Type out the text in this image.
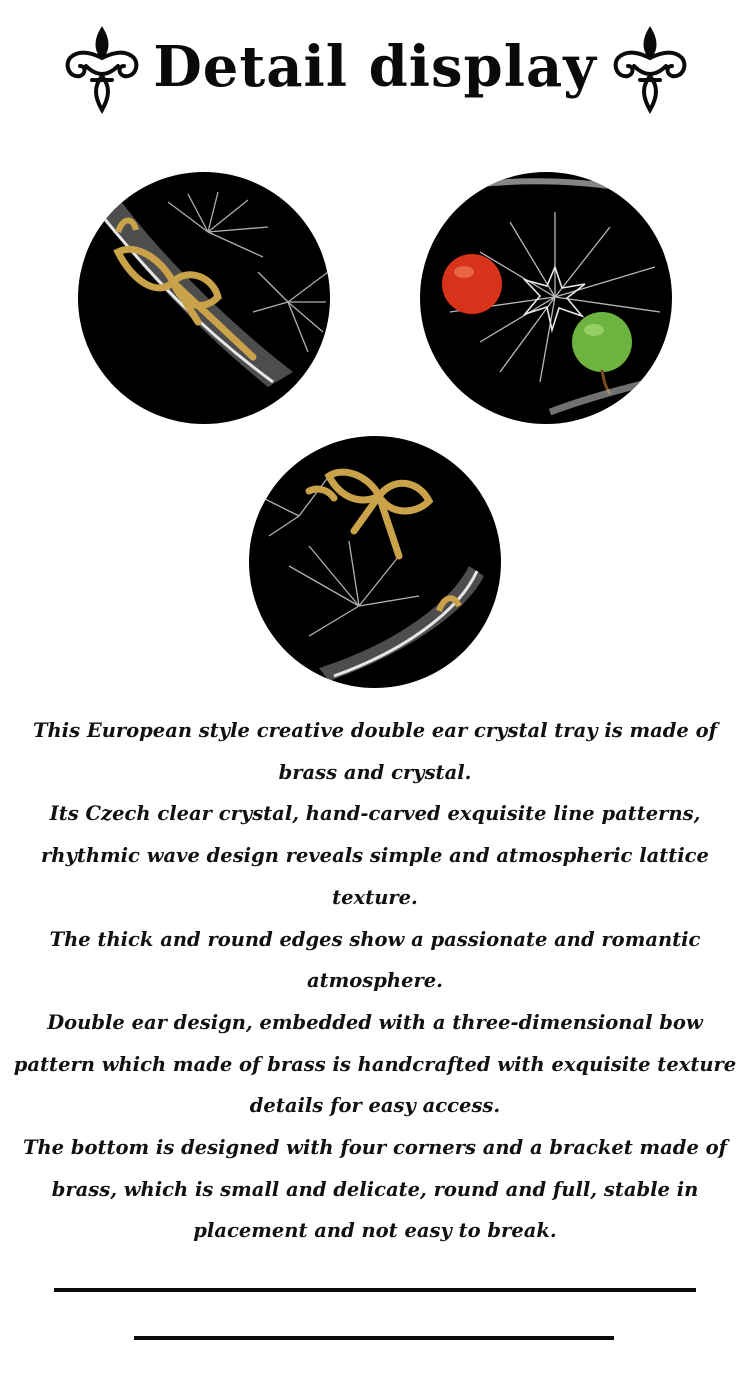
Detail display

This European style creative double ear crystal tray is made of brass and crystal.

Its Czech clear crystal, hand-carved exquisite line patterns, rhythmic wave design reveals simple and atmospheric lattice texture.

The thick and round edges show a passionate and romantic atmosphere.

Double ear design, embedded with a three-dimensional bow pattern which made of brass is handcrafted with exquisite texture details for easy access.

The bottom is designed with four corners and a bracket made of brass, which is small and delicate, round and full, stable in placement and not easy to break.
